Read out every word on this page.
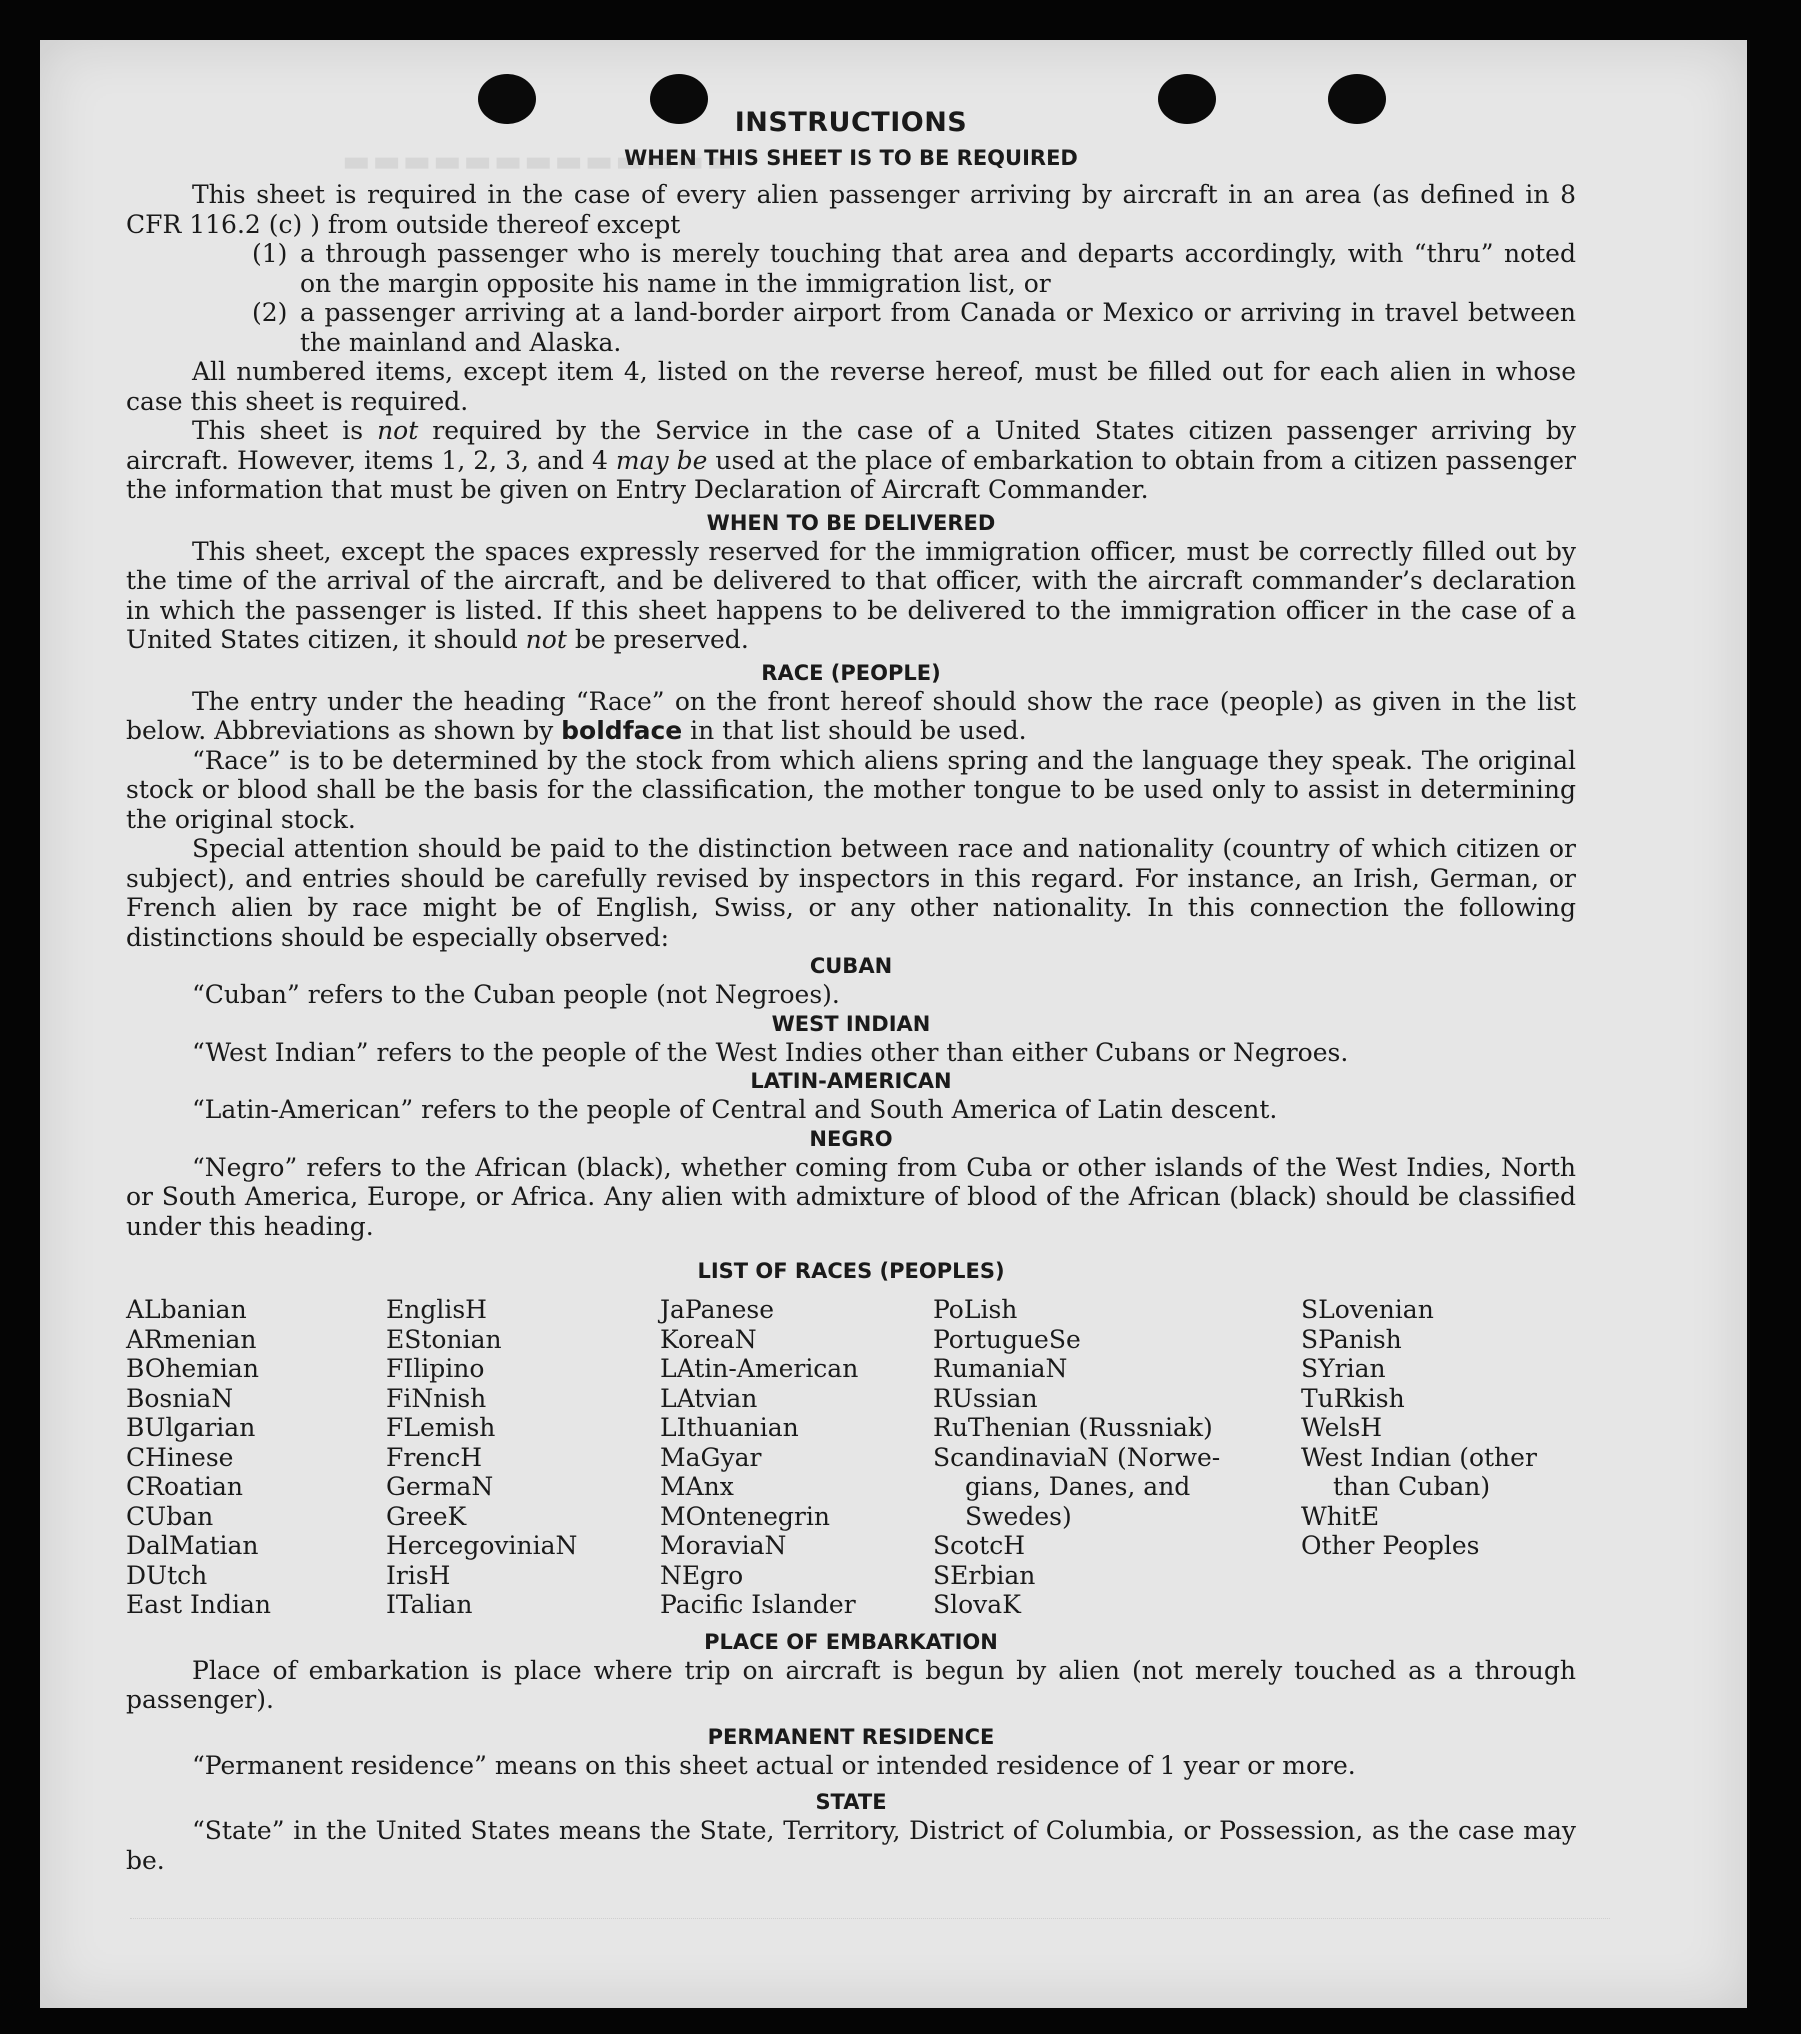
▬▬▬▬▬▬▬▬▬▬▬▬▬
INSTRUCTIONS
WHEN THIS SHEET IS TO BE REQUIRED

This sheet is required in the case of every alien passenger arriving by aircraft in an area (as defined in 8 CFR 116.2 (c) ) from outside thereof except

(1) a through passenger who is merely touching that area and departs accordingly, with “thru” noted on the margin opposite his name in the immigration list, or
(2) a passenger arriving at a land-border airport from Canada or Mexico or arriving in travel between the mainland and Alaska.

All numbered items, except item 4, listed on the reverse hereof, must be filled out for each alien in whose case this sheet is required.

This sheet is not required by the Service in the case of a United States citizen passenger arriving by aircraft. However, items 1, 2, 3, and 4 may be used at the place of embarkation to obtain from a citizen passenger the information that must be given on Entry Declaration of Aircraft Commander.

WHEN TO BE DELIVERED

This sheet, except the spaces expressly reserved for the immigration officer, must be correctly filled out by the time of the arrival of the aircraft, and be delivered to that officer, with the aircraft commander’s declaration in which the passenger is listed. If this sheet happens to be delivered to the immigration officer in the case of a United States citizen, it should not be preserved.

RACE (PEOPLE)

The entry under the heading “Race” on the front hereof should show the race (people) as given in the list below. Abbreviations as shown by boldface in that list should be used.

“Race” is to be determined by the stock from which aliens spring and the language they speak. The original stock or blood shall be the basis for the classification, the mother tongue to be used only to assist in determining the original stock.

Special attention should be paid to the distinction between race and nationality (country of which citizen or subject), and entries should be carefully revised by inspectors in this regard. For instance, an Irish, German, or French alien by race might be of English, Swiss, or any other nationality. In this connection the following distinctions should be especially observed:

CUBAN
“Cuban” refers to the Cuban people (not Negroes).
WEST INDIAN
“West Indian” refers to the people of the West Indies other than either Cubans or Negroes.
LATIN-AMERICAN
“Latin-American” refers to the people of Central and South America of Latin descent.
NEGRO

“Negro” refers to the African (black), whether coming from Cuba or other islands of the West Indies, North or South America, Europe, or Africa. Any alien with admixture of blood of the African (black) should be classified under this heading.

LIST OF RACES (PEOPLES)
ALbanian
ARmenian
BOhemian
BosniaN
BUlgarian
CHinese
CRoatian
CUban
DalMatian
DUtch
East Indian
EnglisH
EStonian
FIlipino
FiNnish
FLemish
FrencH
GermaN
GreeK
HercegoviniaN
IrisH
ITalian
JaPanese
KoreaN
LAtin-American
LAtvian
LIthuanian
MaGyar
MAnx
MOntenegrin
MoraviaN
NEgro
Pacific Islander
PoLish
PortugueSe
RumaniaN
RUssian
RuThenian (Russniak)
ScandinaviaN (Norwe-
gians, Danes, and
Swedes)
ScotcH
SErbian
SlovaK
SLovenian
SPanish
SYrian
TuRkish
WelsH
West Indian (other
than Cuban)
WhitE
Other Peoples
PLACE OF EMBARKATION

Place of embarkation is place where trip on aircraft is begun by alien (not merely touched as a through passenger).

PERMANENT RESIDENCE
“Permanent residence” means on this sheet actual or intended residence of 1 year or more.
STATE

“State” in the United States means the State, Territory, District of Columbia, or Possession, as the case may be.
